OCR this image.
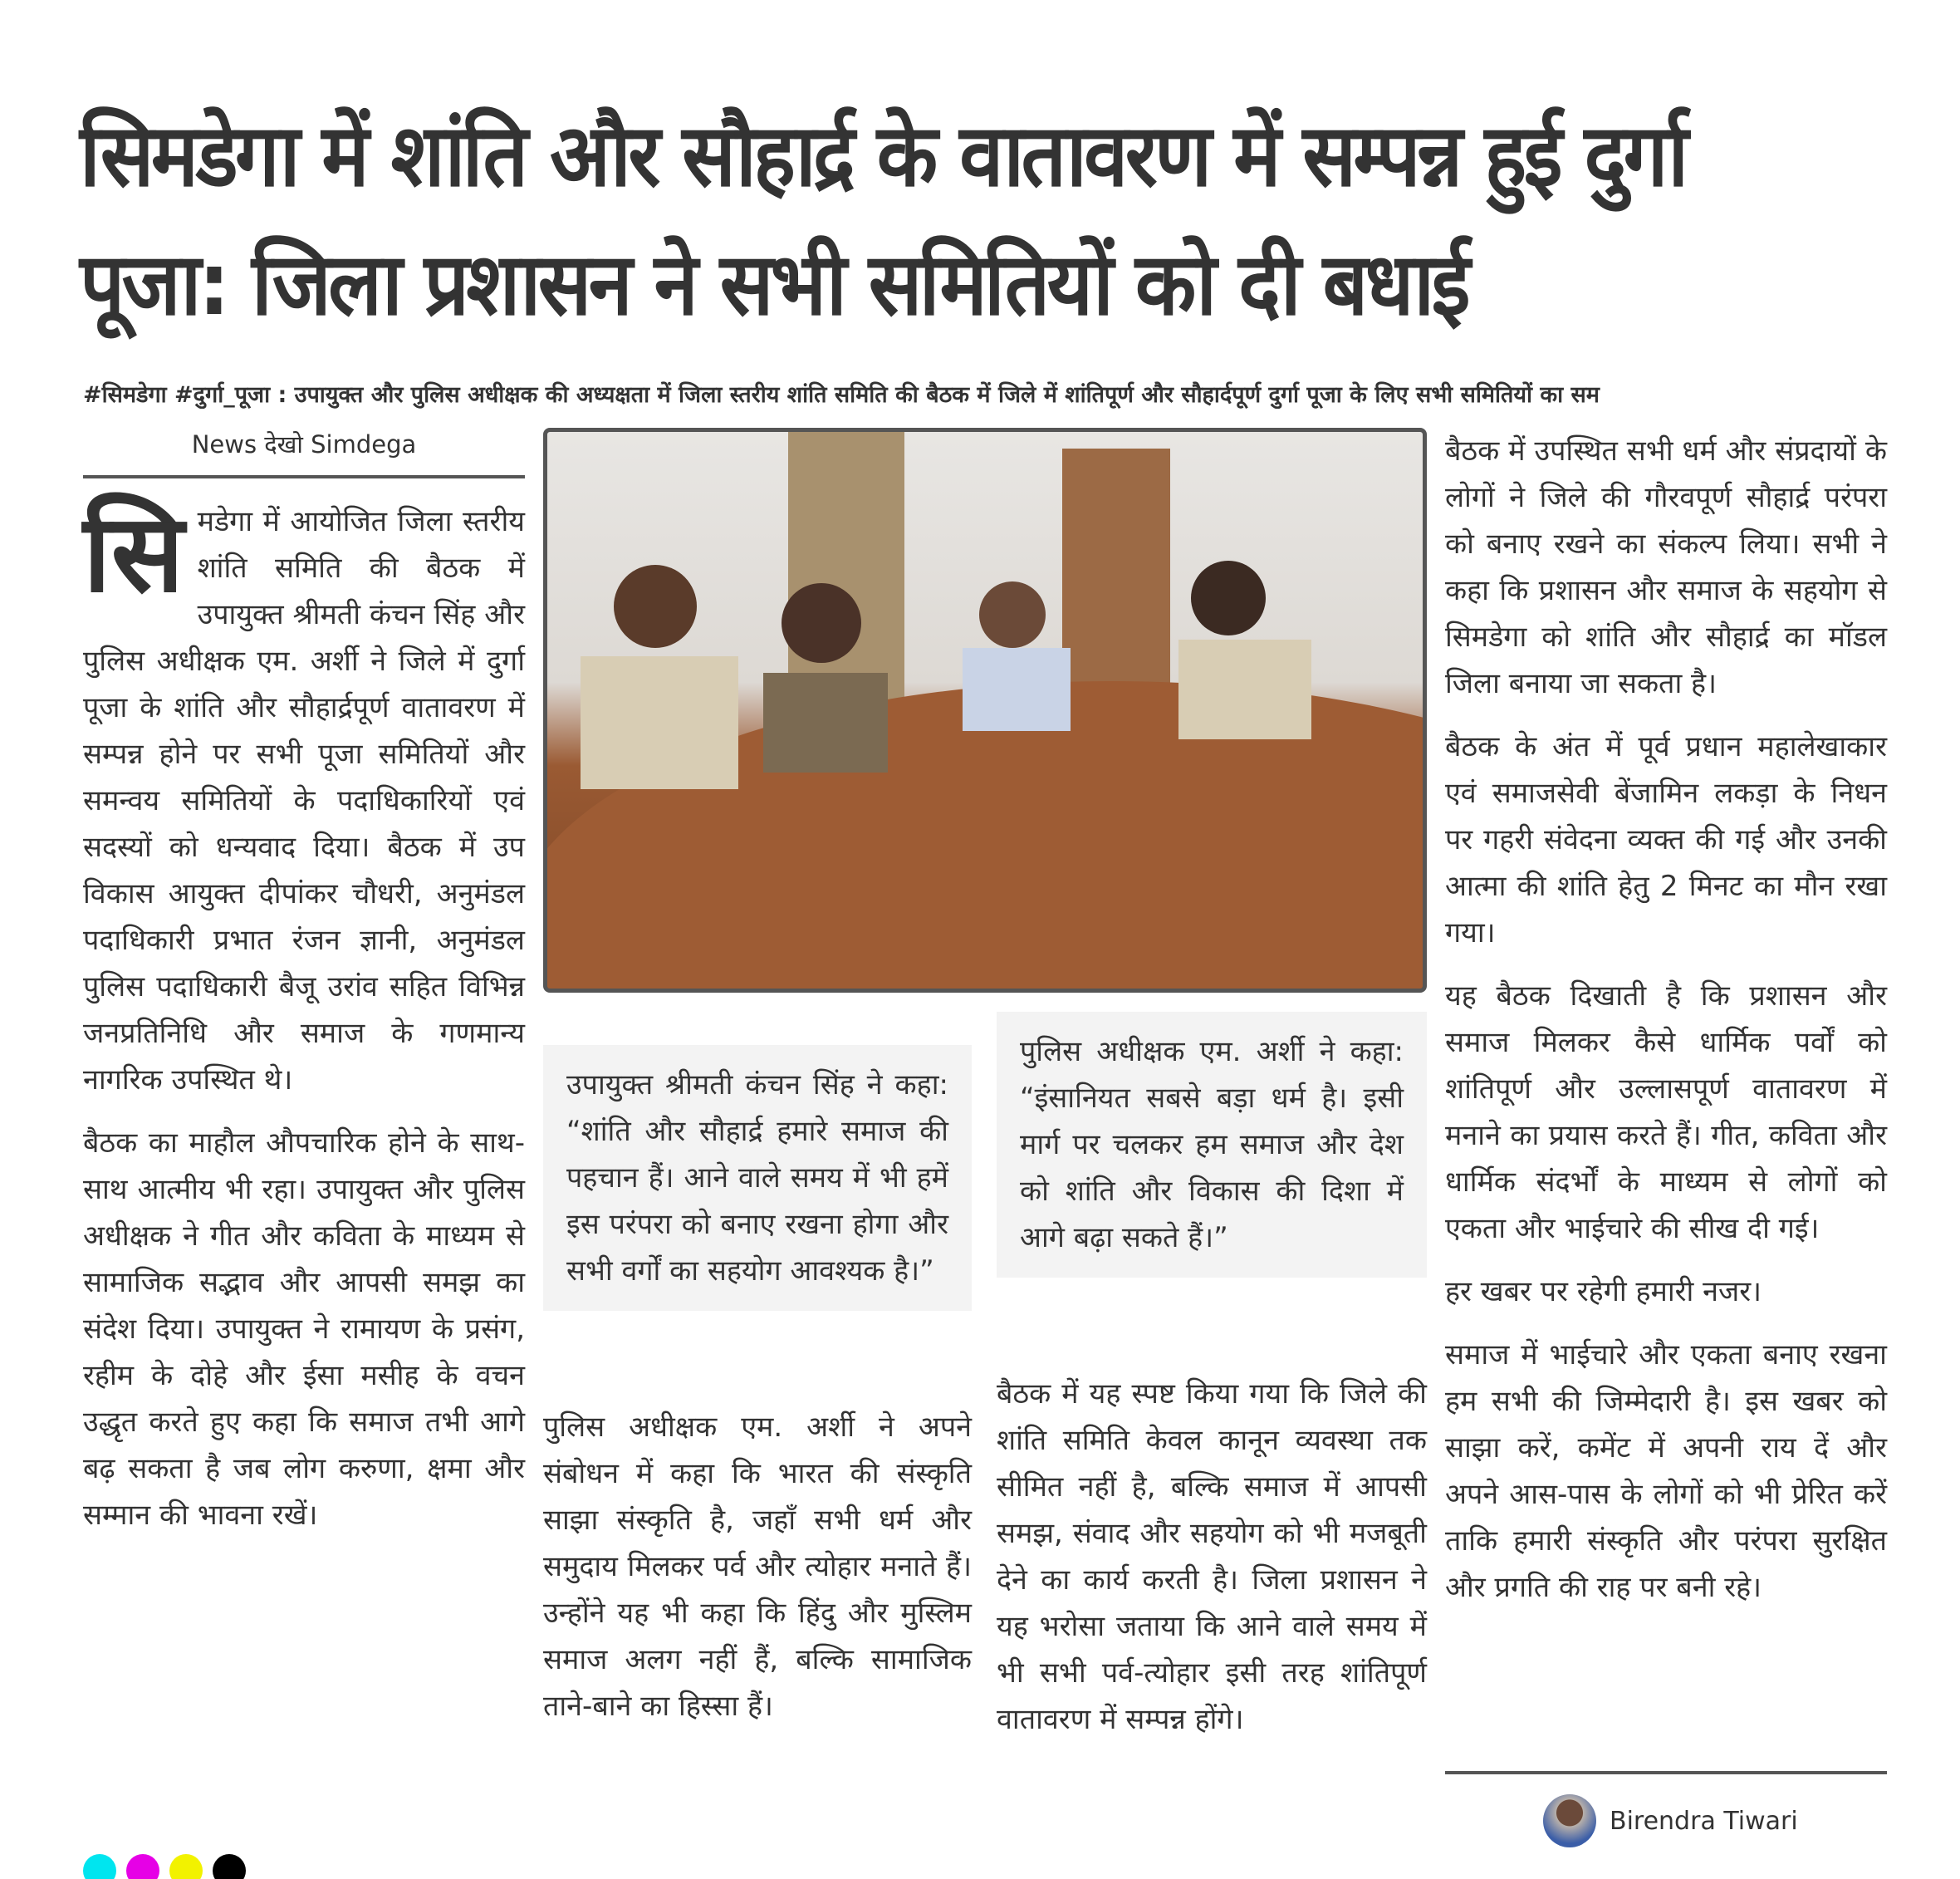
सिमडेगा में शांति और सौहार्द्र के वातावरण में सम्पन्न हुई दुर्गा पूजा: जिला प्रशासन ने सभी समितियों को दी बधाई
#सिमडेगा #दुर्गा_पूजा : उपायुक्त और पुलिस अधीक्षक की अध्यक्षता में जिला स्तरीय शांति समिति की बैठक में जिले में शांतिपूर्ण और सौहार्दपूर्ण दुर्गा पूजा के लिए सभी समितियों का सम
News देखो Simdega

सिमडेगा में आयोजित जिला स्तरीय शांति समिति की बैठक में उपायुक्त श्रीमती कंचन सिंह और पुलिस अधीक्षक एम. अर्शी ने जिले में दुर्गा पूजा के शांति और सौहार्द्रपूर्ण वातावरण में सम्पन्न होने पर सभी पूजा समितियों और समन्वय समितियों के पदाधिकारियों एवं सदस्यों को धन्यवाद दिया। बैठक में उप विकास आयुक्त दीपांकर चौधरी, अनुमंडल पदाधिकारी प्रभात रंजन ज्ञानी, अनुमंडल पुलिस पदाधिकारी बैजू उरांव सहित विभिन्न जनप्रतिनिधि और समाज के गणमान्य नागरिक उपस्थित थे।

बैठक का माहौल औपचारिक होने के साथ-साथ आत्मीय भी रहा। उपायुक्त और पुलिस अधीक्षक ने गीत और कविता के माध्यम से सामाजिक सद्भाव और आपसी समझ का संदेश दिया। उपायुक्त ने रामायण के प्रसंग, रहीम के दोहे और ईसा मसीह के वचन उद्धृत करते हुए कहा कि समाज तभी आगे बढ़ सकता है जब लोग करुणा, क्षमा और सम्मान की भावना रखें।

उपायुक्त श्रीमती कंचन सिंह ने कहा: “शांति और सौहार्द्र हमारे समाज की पहचान हैं। आने वाले समय में भी हमें इस परंपरा को बनाए रखना होगा और सभी वर्गों का सहयोग आवश्यक है।”

पुलिस अधीक्षक एम. अर्शी ने अपने संबोधन में कहा कि भारत की संस्कृति साझा संस्कृति है, जहाँ सभी धर्म और समुदाय मिलकर पर्व और त्योहार मनाते हैं। उन्होंने यह भी कहा कि हिंदु और मुस्लिम समाज अलग नहीं हैं, बल्कि सामाजिक ताने-बाने का हिस्सा हैं।

पुलिस अधीक्षक एम. अर्शी ने कहा: “इंसानियत सबसे बड़ा धर्म है। इसी मार्ग पर चलकर हम समाज और देश को शांति और विकास की दिशा में आगे बढ़ा सकते हैं।”

बैठक में यह स्पष्ट किया गया कि जिले की शांति समिति केवल कानून व्यवस्था तक सीमित नहीं है, बल्कि समाज में आपसी समझ, संवाद और सहयोग को भी मजबूती देने का कार्य करती है। जिला प्रशासन ने यह भरोसा जताया कि आने वाले समय में भी सभी पर्व-त्योहार इसी तरह शांतिपूर्ण वातावरण में सम्पन्न होंगे।

बैठक में उपस्थित सभी धर्म और संप्रदायों के लोगों ने जिले की गौरवपूर्ण सौहार्द्र परंपरा को बनाए रखने का संकल्प लिया। सभी ने कहा कि प्रशासन और समाज के सहयोग से सिमडेगा को शांति और सौहार्द्र का मॉडल जिला बनाया जा सकता है।

बैठक के अंत में पूर्व प्रधान महालेखाकार एवं समाजसेवी बेंजामिन लकड़ा के निधन पर गहरी संवेदना व्यक्त की गई और उनकी आत्मा की शांति हेतु 2 मिनट का मौन रखा गया।

यह बैठक दिखाती है कि प्रशासन और समाज मिलकर कैसे धार्मिक पर्वों को शांतिपूर्ण और उल्लासपूर्ण वातावरण में मनाने का प्रयास करते हैं। गीत, कविता और धार्मिक संदर्भों के माध्यम से लोगों को एकता और भाईचारे की सीख दी गई।

हर खबर पर रहेगी हमारी नजर।

समाज में भाईचारे और एकता बनाए रखना हम सभी की जिम्मेदारी है। इस खबर को साझा करें, कमेंट में अपनी राय दें और अपने आस-पास के लोगों को भी प्रेरित करें ताकि हमारी संस्कृति और परंपरा सुरक्षित और प्रगति की राह पर बनी रहे।

Birendra Tiwari
